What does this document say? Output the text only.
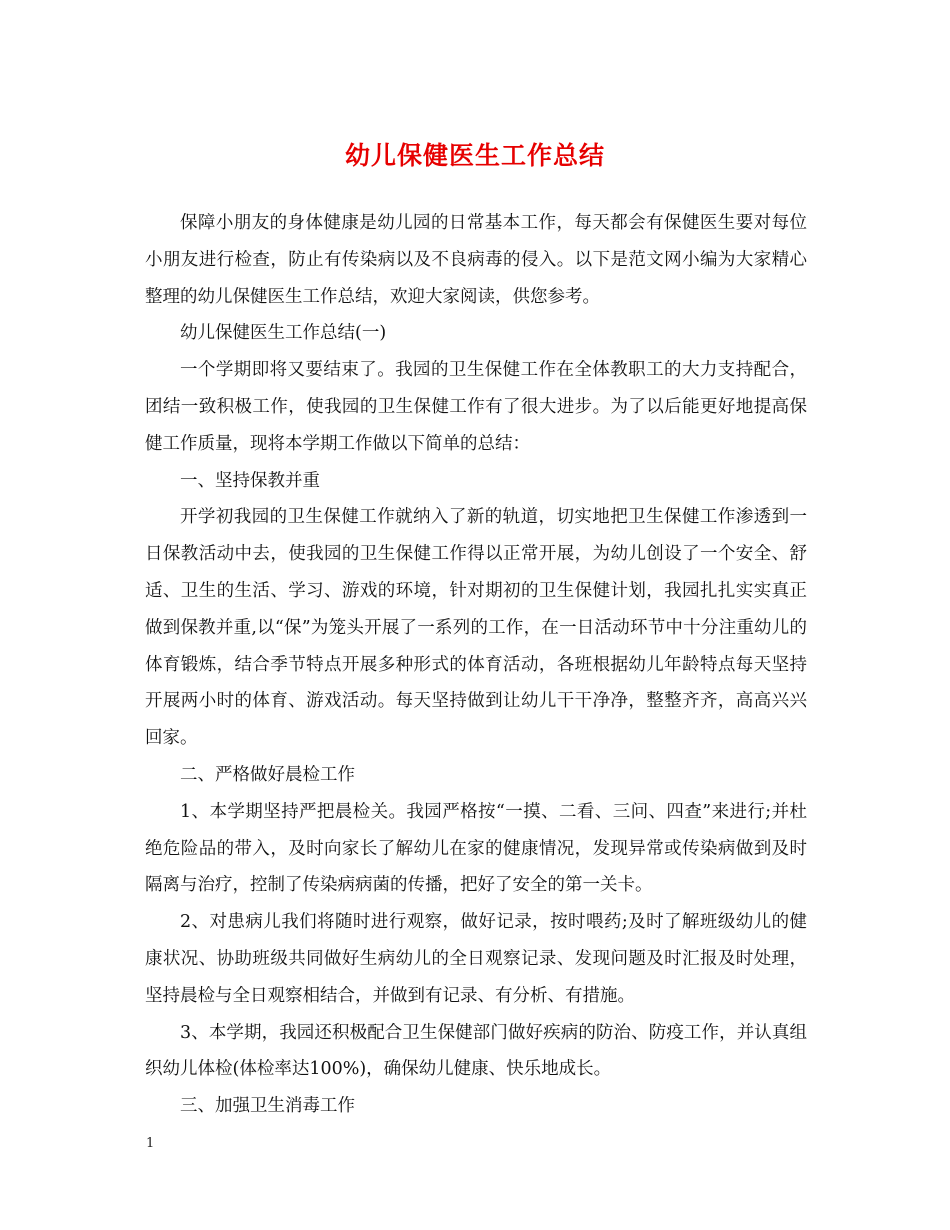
幼儿保健医生工作总结

保障小朋友的身体健康是幼儿园的日常基本工作，每天都会有保健医生要对每位小朋友进行检查，防止有传染病以及不良病毒的侵入。以下是范文网小编为大家精心整理的幼儿保健医生工作总结，欢迎大家阅读，供您参考。

幼儿保健医生工作总结(一)

一个学期即将又要结束了。我园的卫生保健工作在全体教职工的大力支持配合，团结一致积极工作，使我园的卫生保健工作有了很大进步。为了以后能更好地提高保健工作质量，现将本学期工作做以下简单的总结：

一、坚持保教并重

开学初我园的卫生保健工作就纳入了新的轨道，切实地把卫生保健工作渗透到一日保教活动中去，使我园的卫生保健工作得以正常开展，为幼儿创设了一个安全、舒适、卫生的生活、学习、游戏的环境，针对期初的卫生保健计划，我园扎扎实实真正做到保教并重,以“保”为笼头开展了一系列的工作，在一日活动环节中十分注重幼儿的体育锻炼，结合季节特点开展多种形式的体育活动，各班根据幼儿年龄特点每天坚持开展两小时的体育、游戏活动。每天坚持做到让幼儿干干净净，整整齐齐，高高兴兴回家。

二、严格做好晨检工作

1、本学期坚持严把晨检关。我园严格按“一摸、二看、三问、四查”来进行;并杜绝危险品的带入，及时向家长了解幼儿在家的健康情况，发现异常或传染病做到及时隔离与治疗，控制了传染病病菌的传播，把好了安全的第一关卡。

2、对患病儿我们将随时进行观察，做好记录，按时喂药;及时了解班级幼儿的健康状况、协助班级共同做好生病幼儿的全日观察记录、发现问题及时汇报及时处理，坚持晨检与全日观察相结合，并做到有记录、有分析、有措施。

3、本学期，我园还积极配合卫生保健部门做好疾病的防治、防疫工作，并认真组织幼儿体检(体检率达100%)，确保幼儿健康、快乐地成长。

三、加强卫生消毒工作

1
